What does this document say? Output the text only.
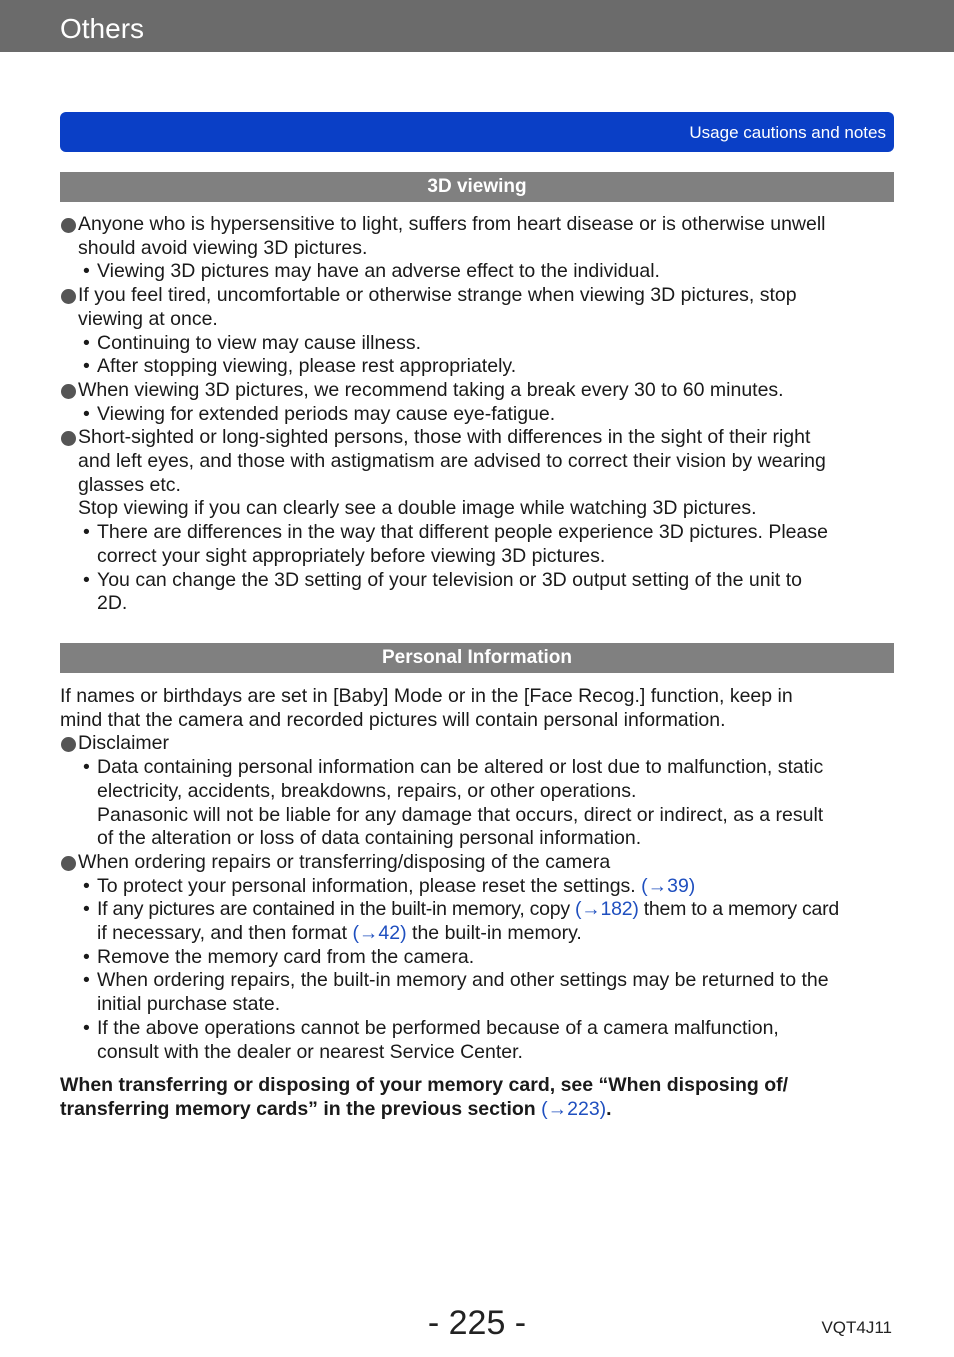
Others
Usage cautions and notes
3D viewing
Anyone who is hypersensitive to light, suffers from heart disease or is otherwise unwell
should avoid viewing 3D pictures.
• Viewing 3D pictures may have an adverse effect to the individual.
If you feel tired, uncomfortable or otherwise strange when viewing 3D pictures, stop
viewing at once.
• Continuing to view may cause illness.
• After stopping viewing, please rest appropriately.
When viewing 3D pictures, we recommend taking a break every 30 to 60 minutes.
• Viewing for extended periods may cause eye-fatigue.
Short-sighted or long-sighted persons, those with differences in the sight of their right
and left eyes, and those with astigmatism are advised to correct their vision by wearing
glasses etc.
Stop viewing if you can clearly see a double image while watching 3D pictures.
• There are differences in the way that different people experience 3D pictures. Please
correct your sight appropriately before viewing 3D pictures.
• You can change the 3D setting of your television or 3D output setting of the unit to
2D.
Personal Information
If names or birthdays are set in [Baby] Mode or in the [Face Recog.] function, keep in
mind that the camera and recorded pictures will contain personal information.
Disclaimer
• Data containing personal information can be altered or lost due to malfunction, static
electricity, accidents, breakdowns, repairs, or other operations.
Panasonic will not be liable for any damage that occurs, direct or indirect, as a result
of the alteration or loss of data containing personal information.
When ordering repairs or transferring/disposing of the camera
• To protect your personal information, please reset the settings. (→39)
• If any pictures are contained in the built-in memory, copy (→182) them to a memory card
if necessary, and then format (→42) the built-in memory.
• Remove the memory card from the camera.
• When ordering repairs, the built-in memory and other settings may be returned to the
initial purchase state.
• If the above operations cannot be performed because of a camera malfunction,
consult with the dealer or nearest Service Center.
When transferring or disposing of your memory card, see “When disposing of/
transferring memory cards” in the previous section (→223).
- 225 -	VQT4J11
